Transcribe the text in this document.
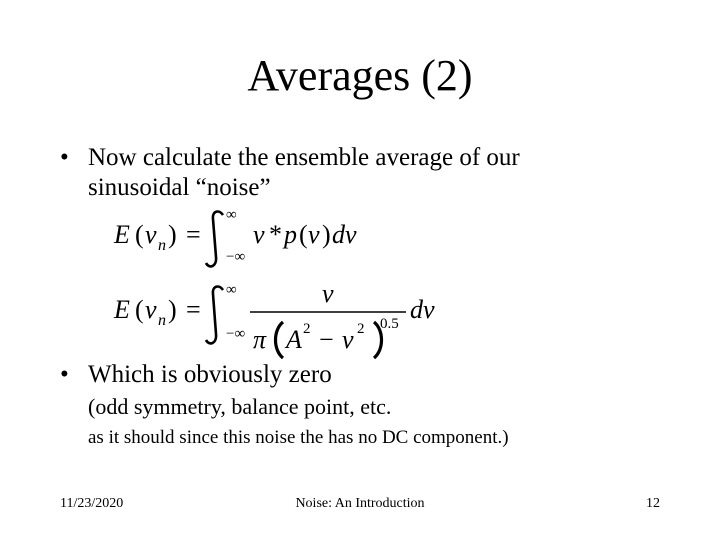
Averages (2)
• Now calculate the ensemble average of our
sinusoidal “noise”
E ( v n ) =
∞
−∞
v * p ( v ) dv
E ( v n ) =
∞
−∞
v
π A 2 − v 2 0.5 dv
• Which is obviously zero
(odd symmetry, balance point, etc.
as it should since this noise the has no DC component.)
11/23/2020	Noise: An Introduction	12
